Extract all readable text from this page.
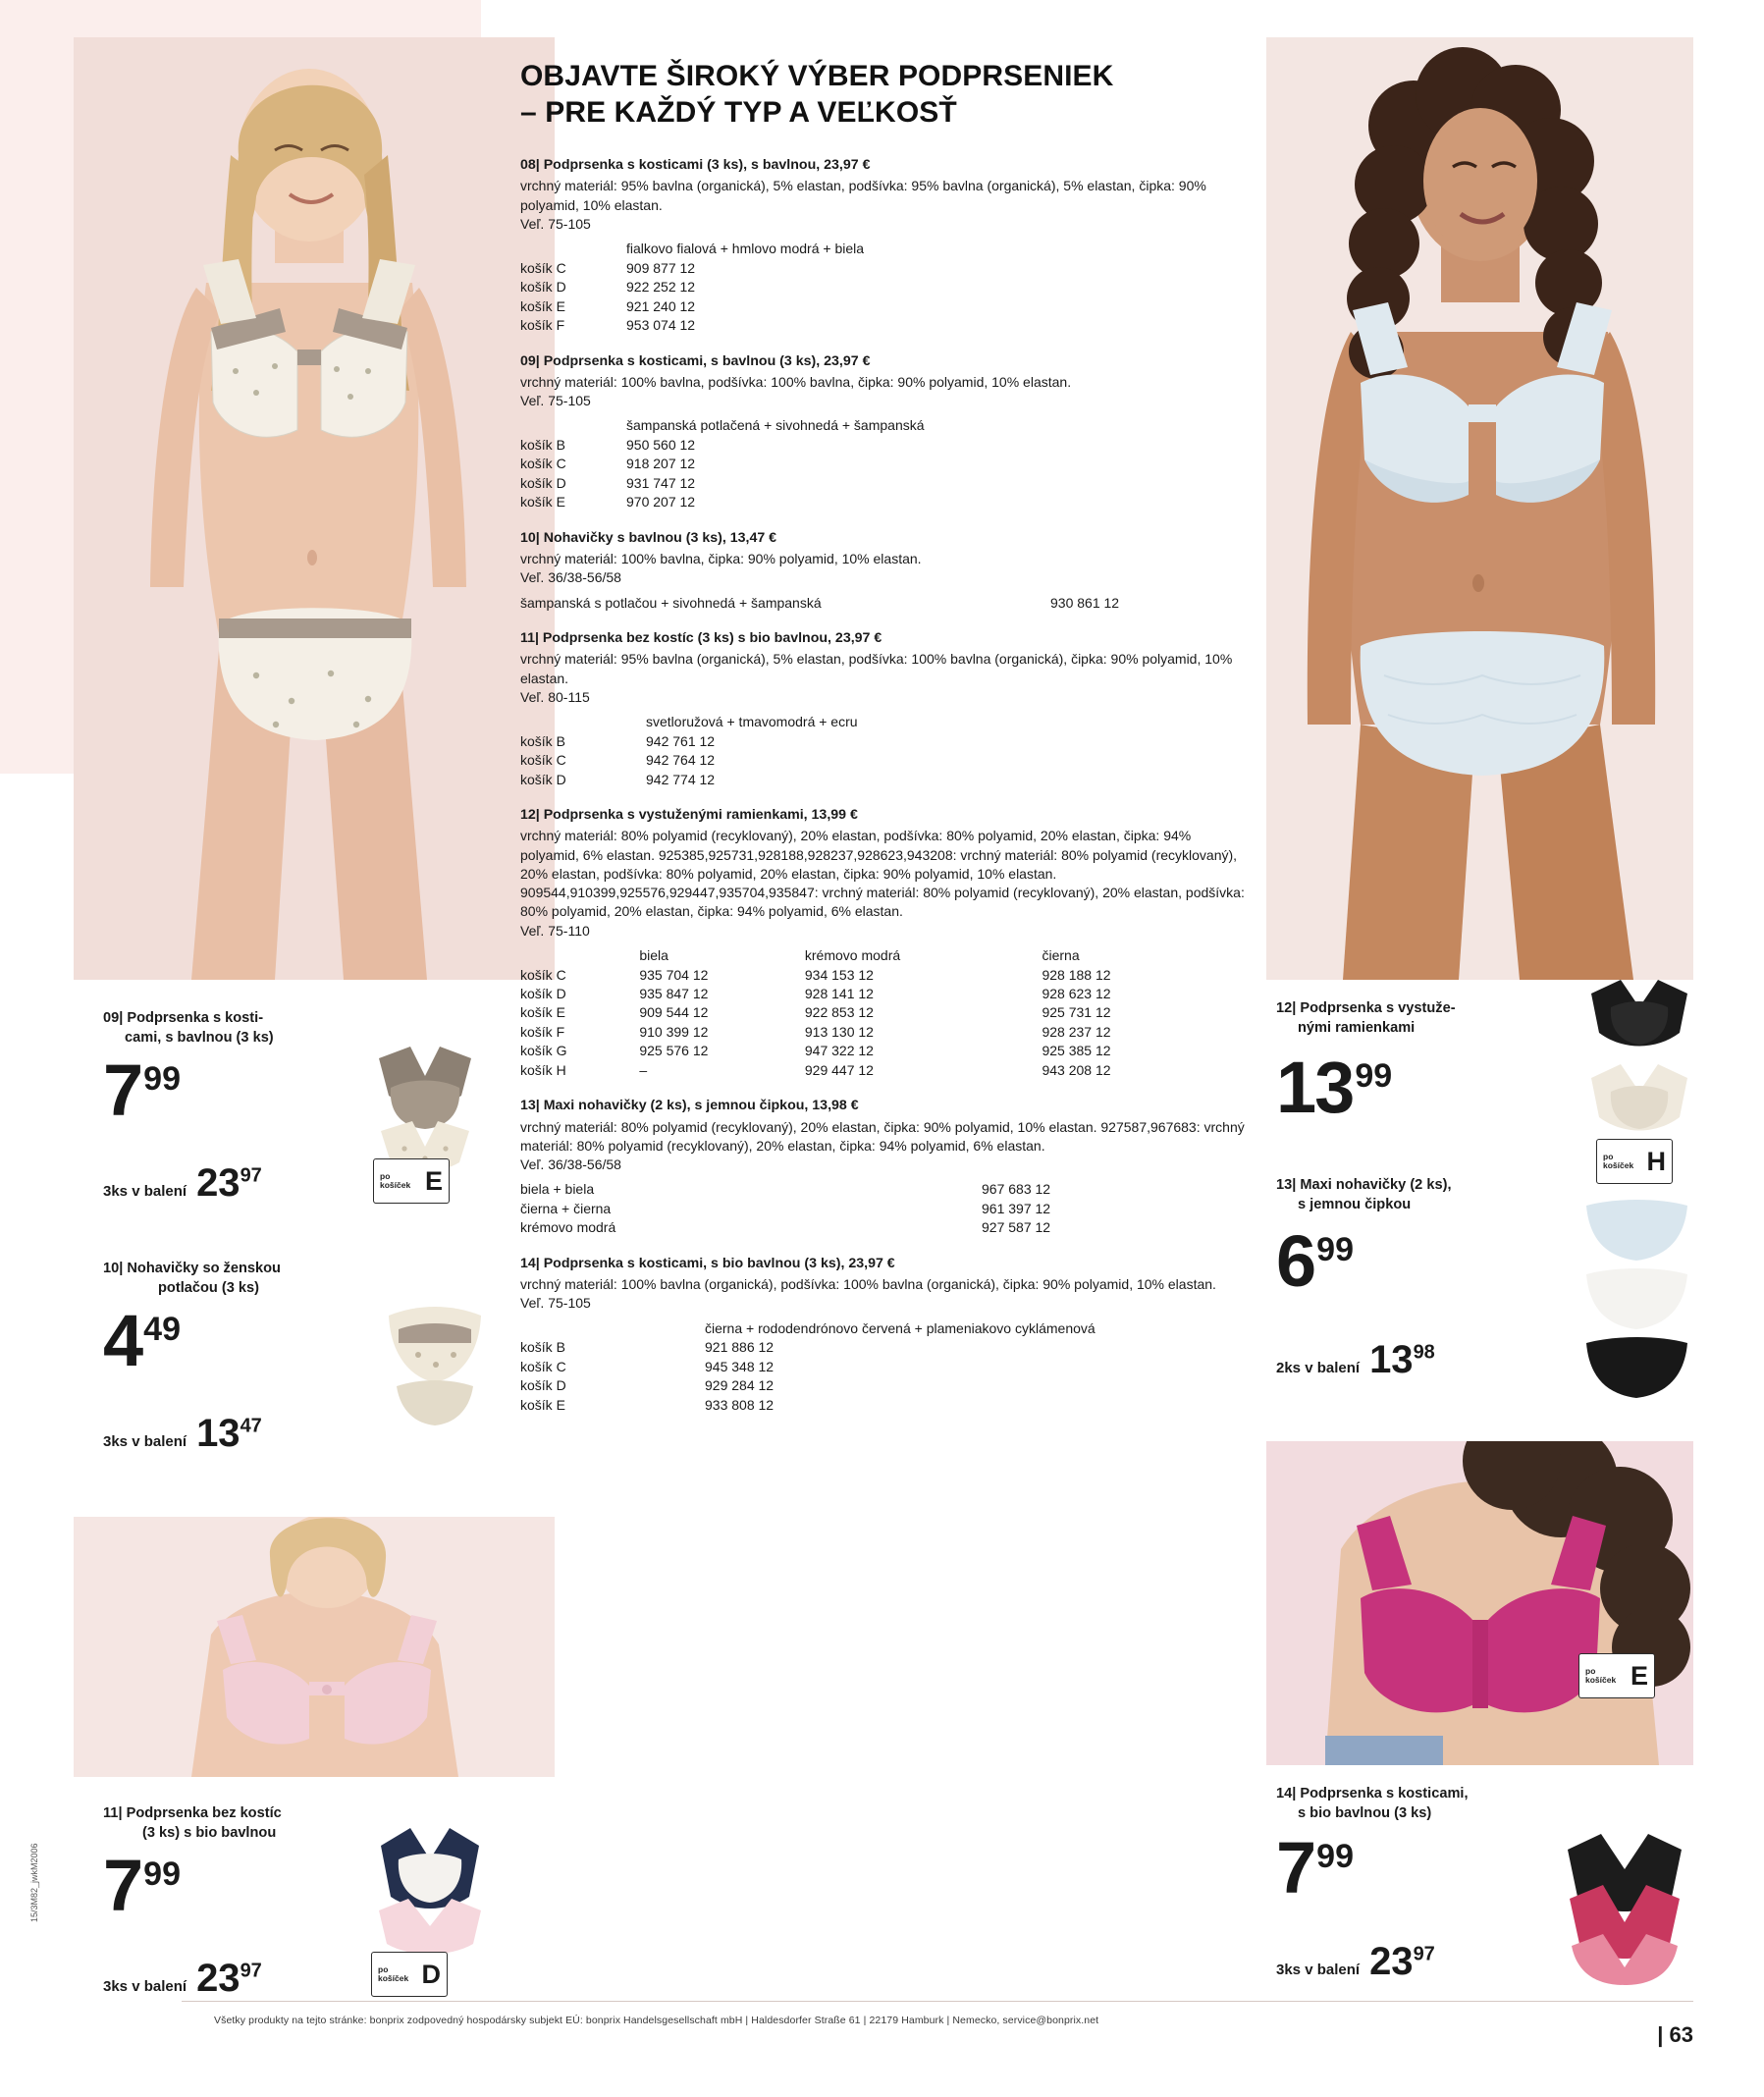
09| Podprsenka s kosti-
cami, s bavlnou (3 ks)
7 99
3ks v balení $23^{97}$	po
košíček E
10| Nohavičky so ženskou
potlačou (3 ks)
4 49
3ks v balení $13^{47}$
11| Podprsenka bez kostíc
(3 ks) s bio bavlnou
7 99
3ks v balení $23^{97}$	po
košíček D
OBJAVTE ŠIROKÝ VÝBER PODPRSENIEK
– PRE KAŽDÝ TYP A VEĽKOSŤ
08| Podprsenka s kosticami (3 ks), s bavlnou, 23,97 €
vrchný materiál: 95% bavlna (organická), 5% elastan, podšívka: 95% bavlna (organická), 5% elastan, čipka: 90% polyamid, 10% elastan.
Veľ. 75-105
	fialkovo fialová + hmlovo modrá + biela
košík C	909 877 12
košík D	922 252 12
košík E	921 240 12
košík F	953 074 12
09| Podprsenka s kosticami, s bavlnou (3 ks), 23,97 €
vrchný materiál: 100% bavlna, podšívka: 100% bavlna, čipka: 90% polyamid, 10% elastan.
Veľ. 75-105
	šampanská potlačená + sivohnedá + šampanská
košík B	950 560 12
košík C	918 207 12
košík D	931 747 12
košík E	970 207 12
10| Nohavičky s bavlnou (3 ks), 13,47 €
vrchný materiál: 100% bavlna, čipka: 90% polyamid, 10% elastan.
Veľ. 36/38-56/58
šampanská s potlačou + sivohnedá + šampanská	930 861 12
11| Podprsenka bez kostíc (3 ks) s bio bavlnou, 23,97 €
vrchný materiál: 95% bavlna (organická), 5% elastan, podšívka: 100% bavlna (organická), čipka: 90% polyamid, 10% elastan.
Veľ. 80-115
	svetloružová + tmavomodrá + ecru
košík B	942 761 12
košík C	942 764 12
košík D	942 774 12
12| Podprsenka s vystuženými ramienkami, 13,99 €
vrchný materiál: 80% polyamid (recyklovaný), 20% elastan, podšívka: 80% polyamid, 20% elastan, čipka: 94% polyamid, 6% elastan. 925385,925731,928188,928237,928623,943208: vrchný materiál: 80% polyamid (recyklovaný), 20% elastan, podšívka: 80% polyamid, 20% elastan, čipka: 90% polyamid, 10% elastan. 909544,910399,925576,929447,935704,935847: vrchný materiál: 80% polyamid (recyklovaný), 20% elastan, podšívka: 80% polyamid, 20% elastan, čipka: 94% polyamid, 6% elastan.
Veľ. 75-110
	biela	krémovo modrá	čierna
košík C	935 704 12	934 153 12	928 188 12
košík D	935 847 12	928 141 12	928 623 12
košík E	909 544 12	922 853 12	925 731 12
košík F	910 399 12	913 130 12	928 237 12
košík G	925 576 12	947 322 12	925 385 12
košík H	–	929 447 12	943 208 12
13| Maxi nohavičky (2 ks), s jemnou čipkou, 13,98 €
vrchný materiál: 80% polyamid (recyklovaný), 20% elastan, čipka: 90% polyamid, 10% elastan. 927587,967683: vrchný materiál: 80% polyamid (recyklovaný), 20% elastan, čipka: 94% polyamid, 6% elastan.
Veľ. 36/38-56/58
biela + biela	967 683 12
čierna + čierna	961 397 12
krémovo modrá	927 587 12
14| Podprsenka s kosticami, s bio bavlnou (3 ks), 23,97 €
vrchný materiál: 100% bavlna (organická), podšívka: 100% bavlna (organická), čipka: 90% polyamid, 10% elastan.
Veľ. 75-105
	čierna + rododendrónovo červená + plameniakovo cyklámenová
košík B	921 886 12
košík C	945 348 12
košík D	929 284 12
košík E	933 808 12
12| Podprsenka s vystuže-
nými ramienkami
13 99
po
košíček H
13| Maxi nohavičky (2 ks),
s jemnou čipkou
6 99
2ks v balení $13^{98}$
po
košíček E
14| Podprsenka s kosticami,
s bio bavlnou (3 ks)
7 99
3ks v balení $23^{97}$
Všetky produkty na tejto stránke: bonprix zodpovedný hospodársky subjekt EÚ: bonprix Handelsgesellschaft mbH | Haldesdorfer Straße 61 | 22179 Hamburk | Nemecko, service@bonprix.net
| 63
15/3M82_jwkM2006
